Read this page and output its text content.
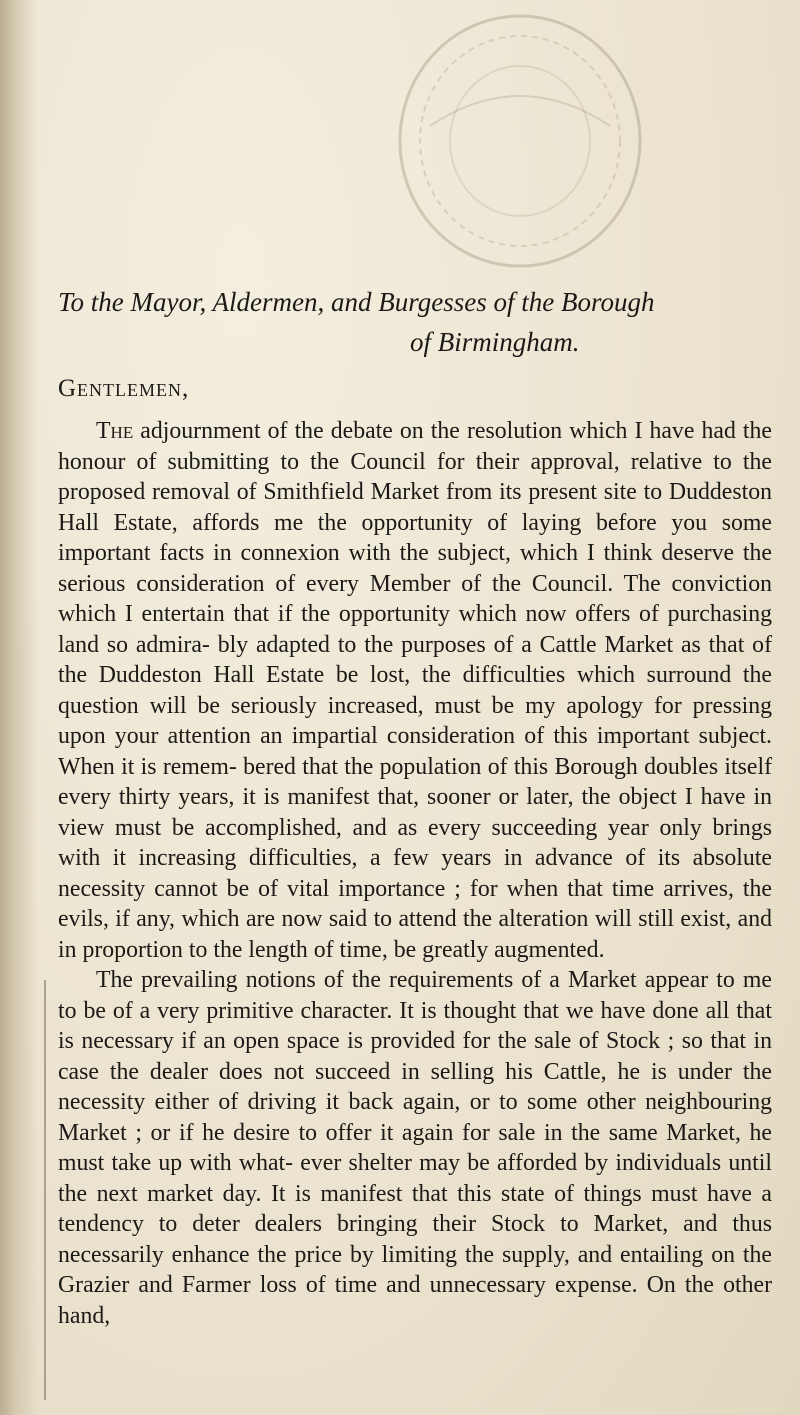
To the Mayor, Aldermen, and Burgesses of the Borough
of Birmingham.

Gentlemen,

The adjournment of the debate on the resolution which I have had the honour of submitting to the Council for their approval, relative to the proposed removal of Smithfield Market from its present site to Duddeston Hall Estate, affords me the opportunity of laying before you some important facts in connexion with the subject, which I think deserve the serious consideration of every Member of the Council. The conviction which I entertain that if the opportunity which now offers of purchasing land so admira- bly adapted to the purposes of a Cattle Market as that of the Duddeston Hall Estate be lost, the difficulties which surround the question will be seriously increased, must be my apology for pressing upon your attention an impartial consideration of this important subject. When it is remem- bered that the population of this Borough doubles itself every thirty years, it is manifest that, sooner or later, the object I have in view must be accomplished, and as every succeeding year only brings with it increasing difficulties, a few years in advance of its absolute necessity cannot be of vital importance ; for when that time arrives, the evils, if any, which are now said to attend the alteration will still exist, and in proportion to the length of time, be greatly augmented.

The prevailing notions of the requirements of a Market appear to me to be of a very primitive character. It is thought that we have done all that is necessary if an open space is provided for the sale of Stock ; so that in case the dealer does not succeed in selling his Cattle, he is under the necessity either of driving it back again, or to some other neighbouring Market ; or if he desire to offer it again for sale in the same Market, he must take up with what- ever shelter may be afforded by individuals until the next market day. It is manifest that this state of things must have a tendency to deter dealers bringing their Stock to Market, and thus necessarily enhance the price by limiting the supply, and entailing on the Grazier and Farmer loss of time and unnecessary expense. On the other hand,
